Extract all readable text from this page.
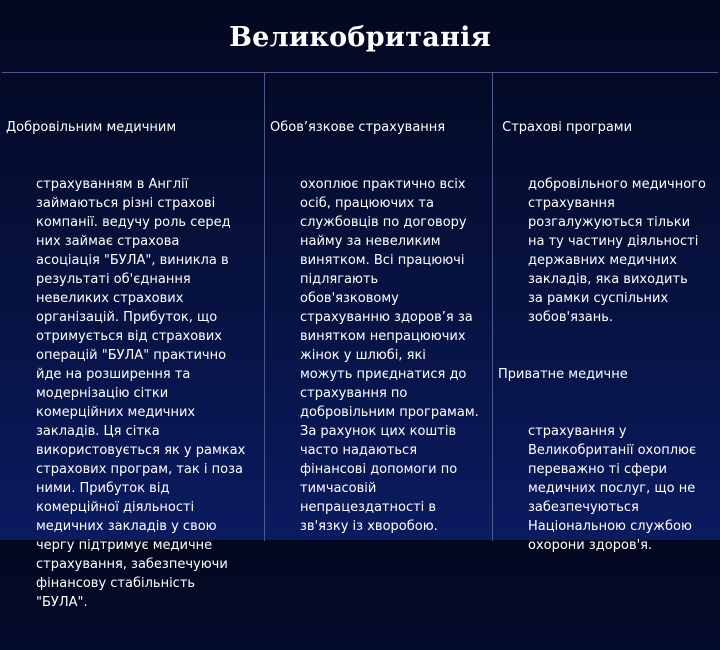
Великобританія

Добровільним медичним

страхуванням в Англії

займаються різні страхові

компанії. ведучу роль серед

них займає страхова

асоціація "БУЛА", виникла в

результаті об'єднання

невеликих страхових

організацій. Прибуток, що

отримується від страхових

операцій "БУЛА" практично

йде на розширення та

модернізацію сітки

комерційних медичних

закладів. Ця сітка

використовується як у рамках

страхових програм, так і поза

ними. Прибуток від

комерційної діяльності

медичних закладів у свою

чергу підтримує медичне

страхування, забезпечуючи

фінансову стабільність

"БУЛА".

Обов’язкове страхування

охоплює практично всіх

осіб, працюючих та

службовців по договору

найму за невеликим

винятком. Всі працюючі

підлягають

обов'язковому

страхуванню здоров’я за

винятком непрацюючих

жінок у шлюбі, які

можуть приєднатися до

страхування по

добровільним програмам.

За рахунок цих коштів

часто надаються

фінансові допомоги по

тимчасовій

непрацездатності в

зв'язку із хворобою.

Страхові програми

добровільного медичного

страхування

розгалужуються тільки

на ту частину діяльності

державних медичних

закладів, яка виходить

за рамки суспільних

зобов'язань.

Приватне медичне

страхування у

Великобританії охоплює

переважно ті сфери

медичних послуг, що не

забезпечуються

Національною службою

охорони здоров'я.
